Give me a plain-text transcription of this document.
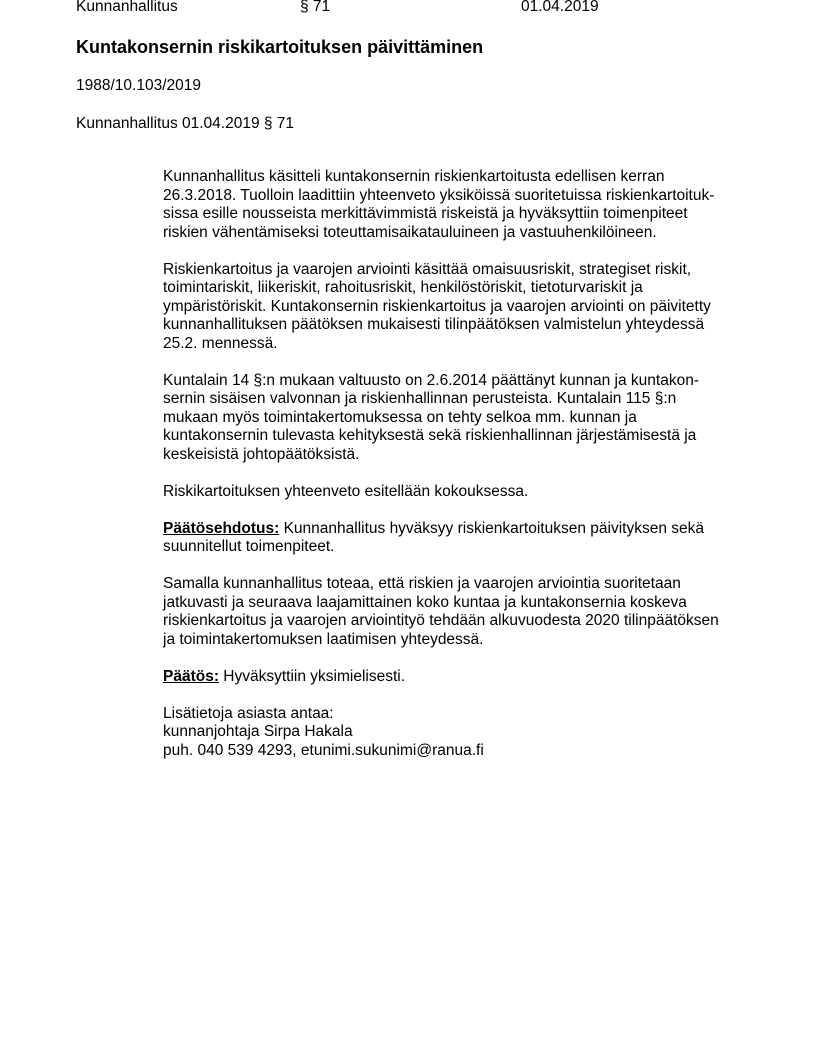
Kunnanhallitus	§ 71	01.04.2019
Kuntakonsernin riskikartoituksen päivittäminen
1988/10.103/2019
Kunnanhallitus 01.04.2019 § 71

Kunnanhallitus käsitteli kuntakonsernin riskienkartoitusta edellisen kerran
26.3.2018. Tuolloin laadittiin yhteenveto yksiköissä suoritetuissa riskienkartoituk-
sissa esille nousseista merkittävimmistä riskeistä ja hyväksyttiin toimenpiteet
riskien vähentämiseksi toteuttamisaikatauluineen ja vastuuhenkilöineen.

Riskienkartoitus ja vaarojen arviointi käsittää omaisuusriskit, strategiset riskit,
toimintariskit, liikeriskit, rahoitusriskit, henkilöstöriskit, tietoturvariskit ja
ympäristöriskit. Kuntakonsernin riskienkartoitus ja vaarojen arviointi on päivitetty
kunnanhallituksen päätöksen mukaisesti tilinpäätöksen valmistelun yhteydessä
25.2. mennessä.

Kuntalain 14 §:n mukaan valtuusto on 2.6.2014 päättänyt kunnan ja kuntakon-
sernin sisäisen valvonnan ja riskienhallinnan perusteista. Kuntalain 115 §:n
mukaan myös toimintakertomuksessa on tehty selkoa mm. kunnan ja
kuntakonsernin tulevasta kehityksestä sekä riskienhallinnan järjestämisestä ja
keskeisistä johtopäätöksistä.

Riskikartoituksen yhteenveto esitellään kokouksessa.

Päätösehdotus: Kunnanhallitus hyväksyy riskienkartoituksen päivityksen sekä
suunnitellut toimenpiteet.

Samalla kunnanhallitus toteaa, että riskien ja vaarojen arviointia suoritetaan
jatkuvasti ja seuraava laajamittainen koko kuntaa ja kuntakonsernia koskeva
riskienkartoitus ja vaarojen arviointityö tehdään alkuvuodesta 2020 tilinpäätöksen
ja toimintakertomuksen laatimisen yhteydessä.

Päätös: Hyväksyttiin yksimielisesti.

Lisätietoja asiasta antaa:
kunnanjohtaja Sirpa Hakala
puh. 040 539 4293, etunimi.sukunimi@ranua.fi
